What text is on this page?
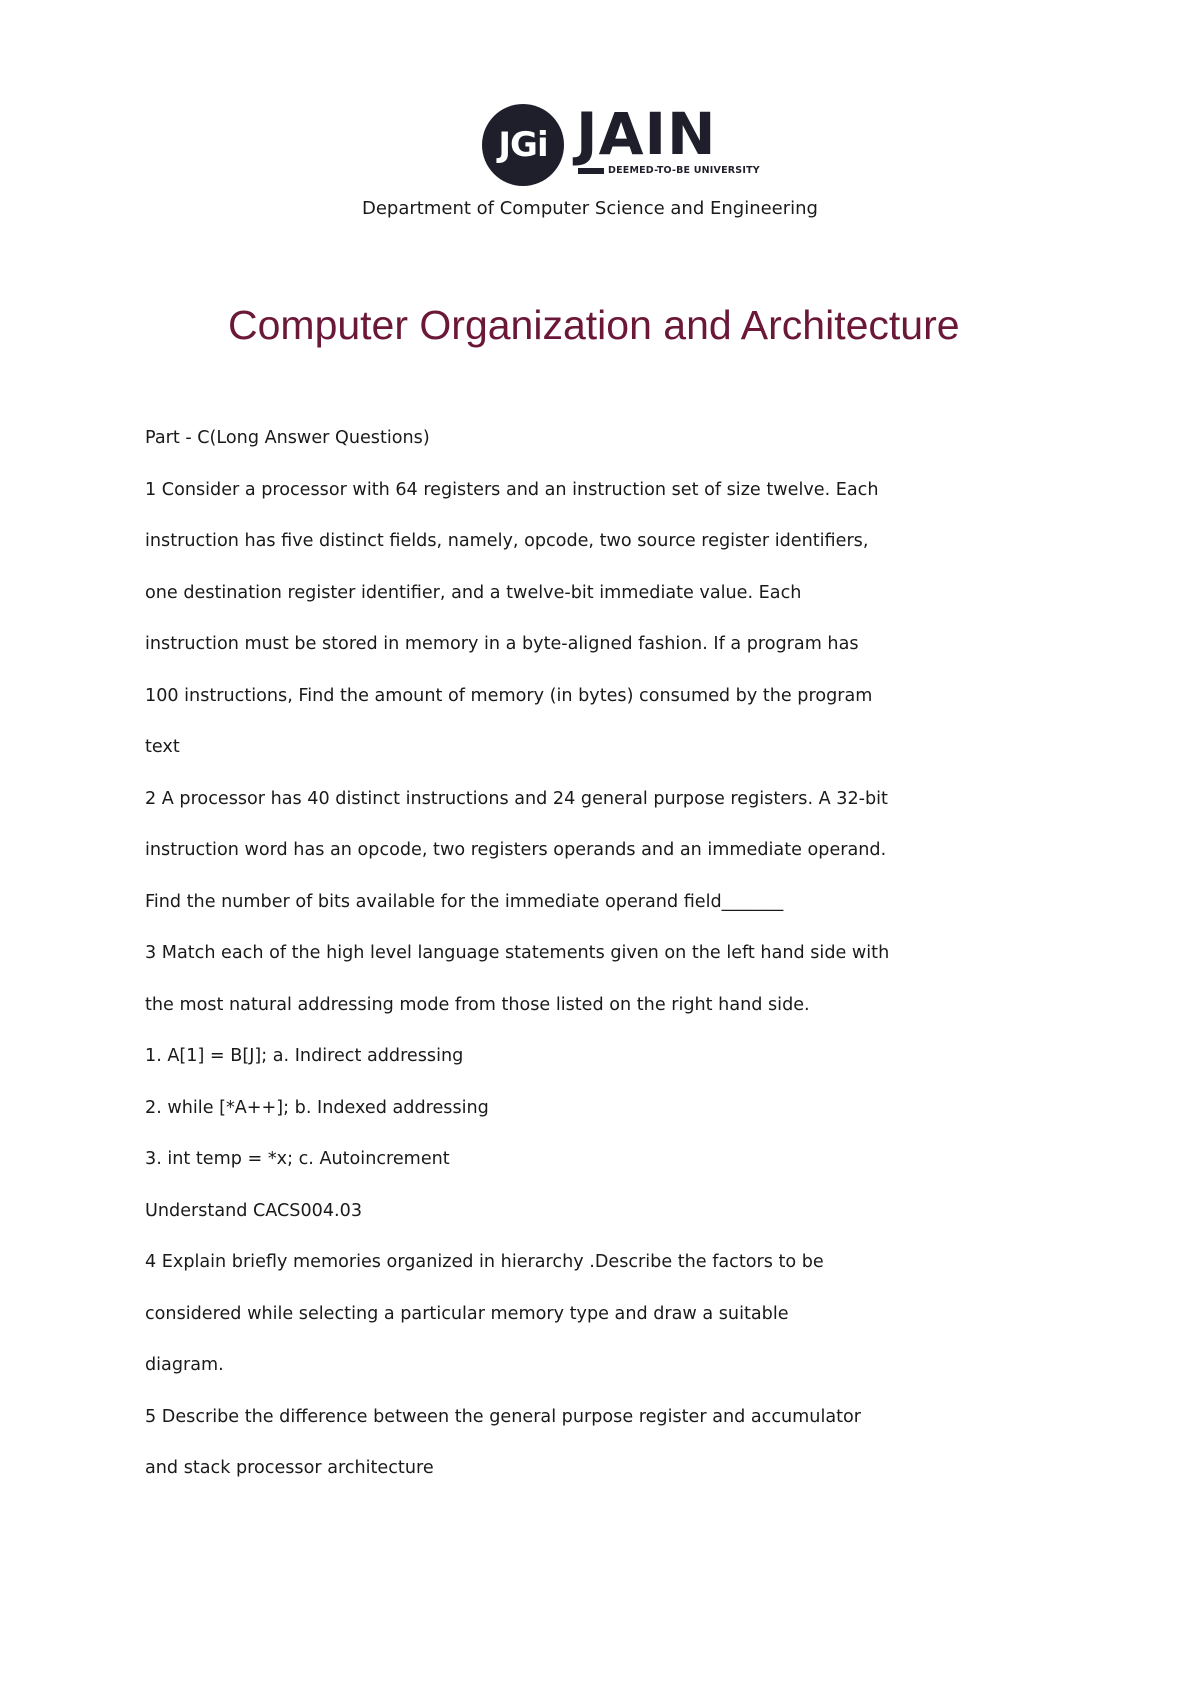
JGi JAIN
DEEMED-TO-BE UNIVERSITY
Department of Computer Science and Engineering
Computer Organization and Architecture
Part - C(Long Answer Questions)
1 Consider a processor with 64 registers and an instruction set of size twelve. Each
instruction has five distinct fields, namely, opcode, two source register identifiers,
one destination register identifier, and a twelve-bit immediate value. Each
instruction must be stored in memory in a byte-aligned fashion. If a program has
100 instructions, Find the amount of memory (in bytes) consumed by the program
text
2 A processor has 40 distinct instructions and 24 general purpose registers. A 32-bit
instruction word has an opcode, two registers operands and an immediate operand.
Find the number of bits available for the immediate operand field_______
3 Match each of the high level language statements given on the left hand side with
the most natural addressing mode from those listed on the right hand side.
1. A[1] = B[J]; a. Indirect addressing
2. while [*A++]; b. Indexed addressing
3. int temp = *x; c. Autoincrement
Understand CACS004.03
4 Explain briefly memories organized in hierarchy .Describe the factors to be
considered while selecting a particular memory type and draw a suitable
diagram.
5 Describe the difference between the general purpose register and accumulator
and stack processor architecture
